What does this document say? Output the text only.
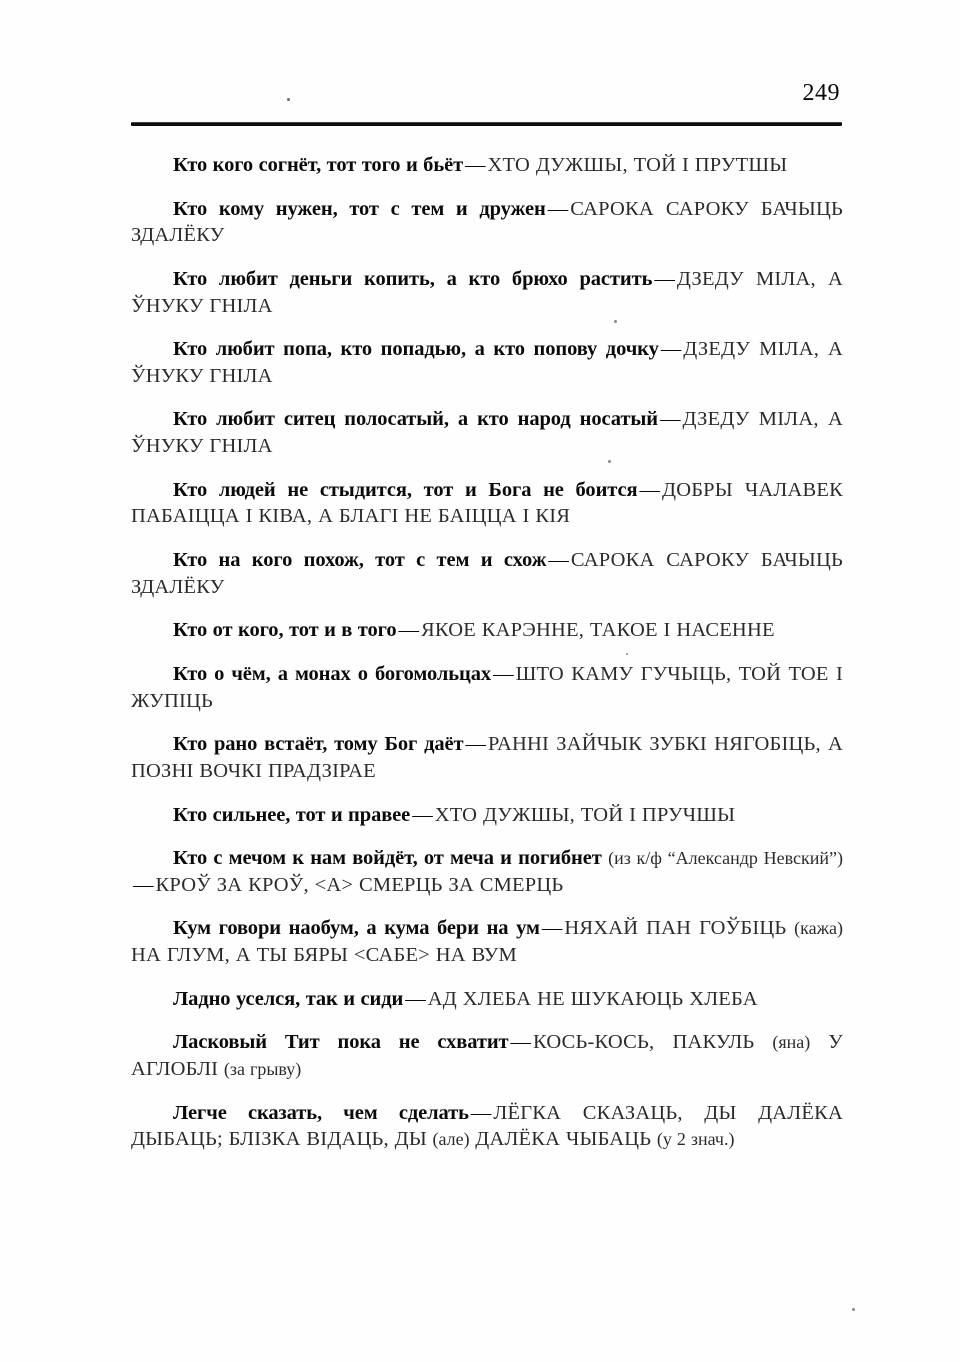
249

Кто кого согнёт, тот того и бьёт—ХТО ДУЖШЫ, ТОЙ І ПРУТШЫ

Кто кому нужен, тот с тем и дружен—САРОКА САРОКУ БАЧЫЦЬ ЗДАЛЁКУ

Кто любит деньги копить, а кто брюхо растить—ДЗЕДУ МІЛА, А ЎНУКУ ГНІЛА

Кто любит попа, кто попадью, а кто попову дочку—ДЗЕДУ МІЛА, А ЎНУКУ ГНІЛА

Кто любит ситец полосатый, а кто народ носатый—ДЗЕДУ МІЛА, А ЎНУКУ ГНІЛА

Кто людей не стыдится, тот и Бога не боится—ДОБРЫ ЧАЛАВЕК ПАБАІЦЦА І КІВА, А БЛАГІ НЕ БАІЦЦА І КІЯ

Кто на кого похож, тот с тем и схож—САРОКА САРОКУ БАЧЫЦЬ ЗДАЛЁКУ

Кто от кого, тот и в того—ЯКОЕ КАРЭННЕ, ТАКОЕ І НАСЕННЕ

Кто о чём, а монах о богомольцах—ШТО КАМУ ГУЧЫЦЬ, ТОЙ ТОЕ І ЖУПІЦЬ

Кто рано встаёт, тому Бог даёт—РАННІ ЗАЙЧЫК ЗУБКІ НЯГОБІЦЬ, А ПОЗНІ ВОЧКІ ПРАДЗІРАЕ

Кто сильнее, тот и правее—ХТО ДУЖШЫ, ТОЙ І ПРУЧШЫ

Кто с мечом к нам войдёт, от меча и погибнет (из к/ф “Александр Невский”)—КРОЎ ЗА КРОЎ, <А> СМЕРЦЬ ЗА СМЕРЦЬ

Кум говори наобум, а кума бери на ум—НЯХАЙ ПАН ГОЎБІЦЬ (кажа) НА ГЛУМ, А ТЫ БЯРЫ <САБЕ> НА ВУМ

Ладно уселся, так и сиди—АД ХЛЕБА НЕ ШУКАЮЦЬ ХЛЕБА

Ласковый Тит пока не схватит—КОСЬ-КОСЬ, ПАКУЛЬ (яна) У АГЛОБЛІ (за грыву)

Легче сказать, чем сделать—ЛЁГКА СКАЗАЦЬ, ДЫ ДАЛЁКА ДЫБАЦЬ; БЛІЗКА ВІДАЦЬ, ДЫ (але) ДАЛЁКА ЧЫБАЦЬ (у 2 знач.)
